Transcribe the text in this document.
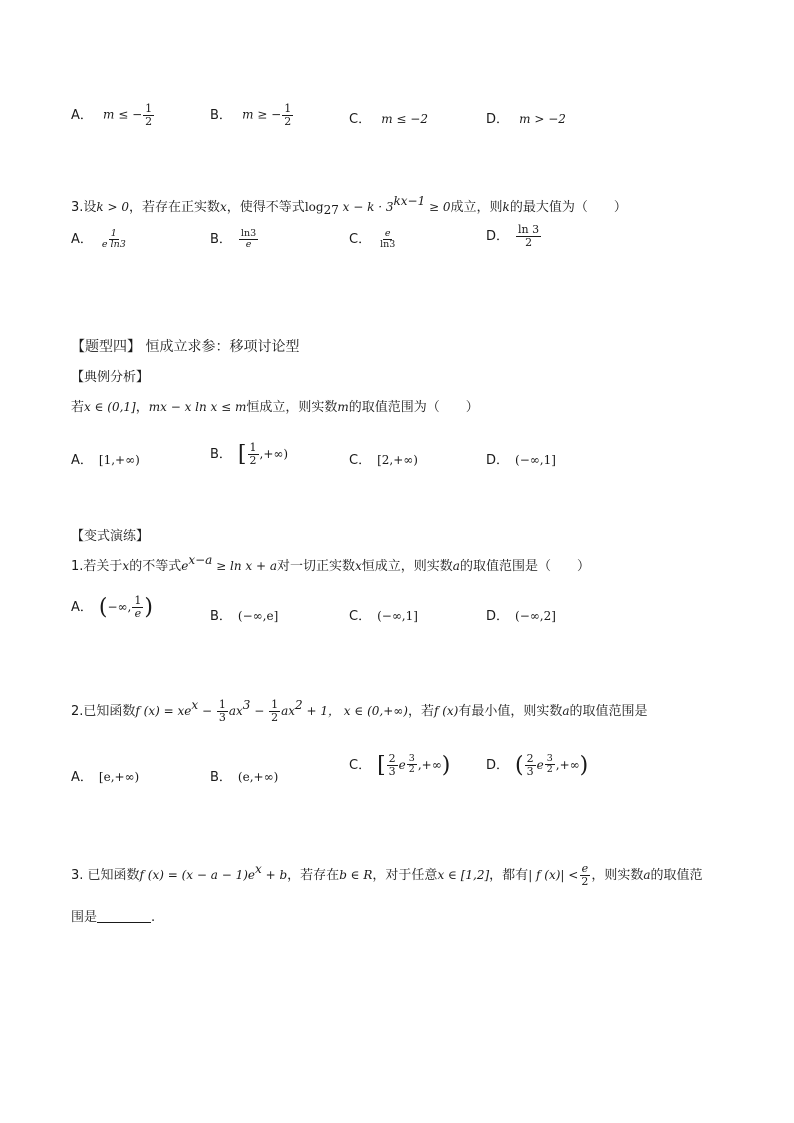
A． m ≤ − $\frac{1}{2}$	B． m ≥ − $\frac{1}{2}$	C． m ≤ −2	D． m > −2
3.设k > 0，若存在正实数x，使得不等式$\log_{27} x - k \cdot 3^{kx-1} \ge 0$成立，则k的最大值为（　　）
A． $\frac{1}{\text{e ln3}}$	B． $\frac{\ln 3}{e}$	C． $\frac{e}{\ln 3}$	D． $\frac{\ln 3}{2}$
【题型四】 恒成立求参：移项讨论型
【典例分析】
若x ∈ (0,1]，mx − x ln x ≤ m恒成立，则实数m的取值范围为（　　）
A． [1,+∞)	B． [ $\frac{1}{2}$ ,+∞)	C． [2,+∞)	D． (−∞,1]
【变式演练】
1.若关于x的不等式$e^{x-a} \ge \ln x + a$对一切正实数x恒成立，则实数a的取值范围是（　　）
A． (−∞, $\frac{1}{e}$ )	B． (−∞,e]	C． (−∞,1]	D． (−∞,2]
2.已知函数f $(x) = xe^x - \frac{1}{3} ax^3 - \frac{1}{2} ax^2 + 1$， x ∈ (0,+∞)，若f (x)有最小值，则实数a的取值范围是
A． [e,+∞)	B． (e,+∞)
C． [ $\frac{2}{3}$ e $^{\frac{3}{2}}$ ,+∞)	D． ( $\frac{2}{3}$ e $^{\frac{3}{2}}$ ,+∞)
3. 已知函数f $(x) = (x - a - 1)e^x + b$，若存在b ∈ R，对于任意x ∈ [1,2]，都有| f $(x)| < \frac{e}{2}$ ，则实数a的取值范
围是	.
